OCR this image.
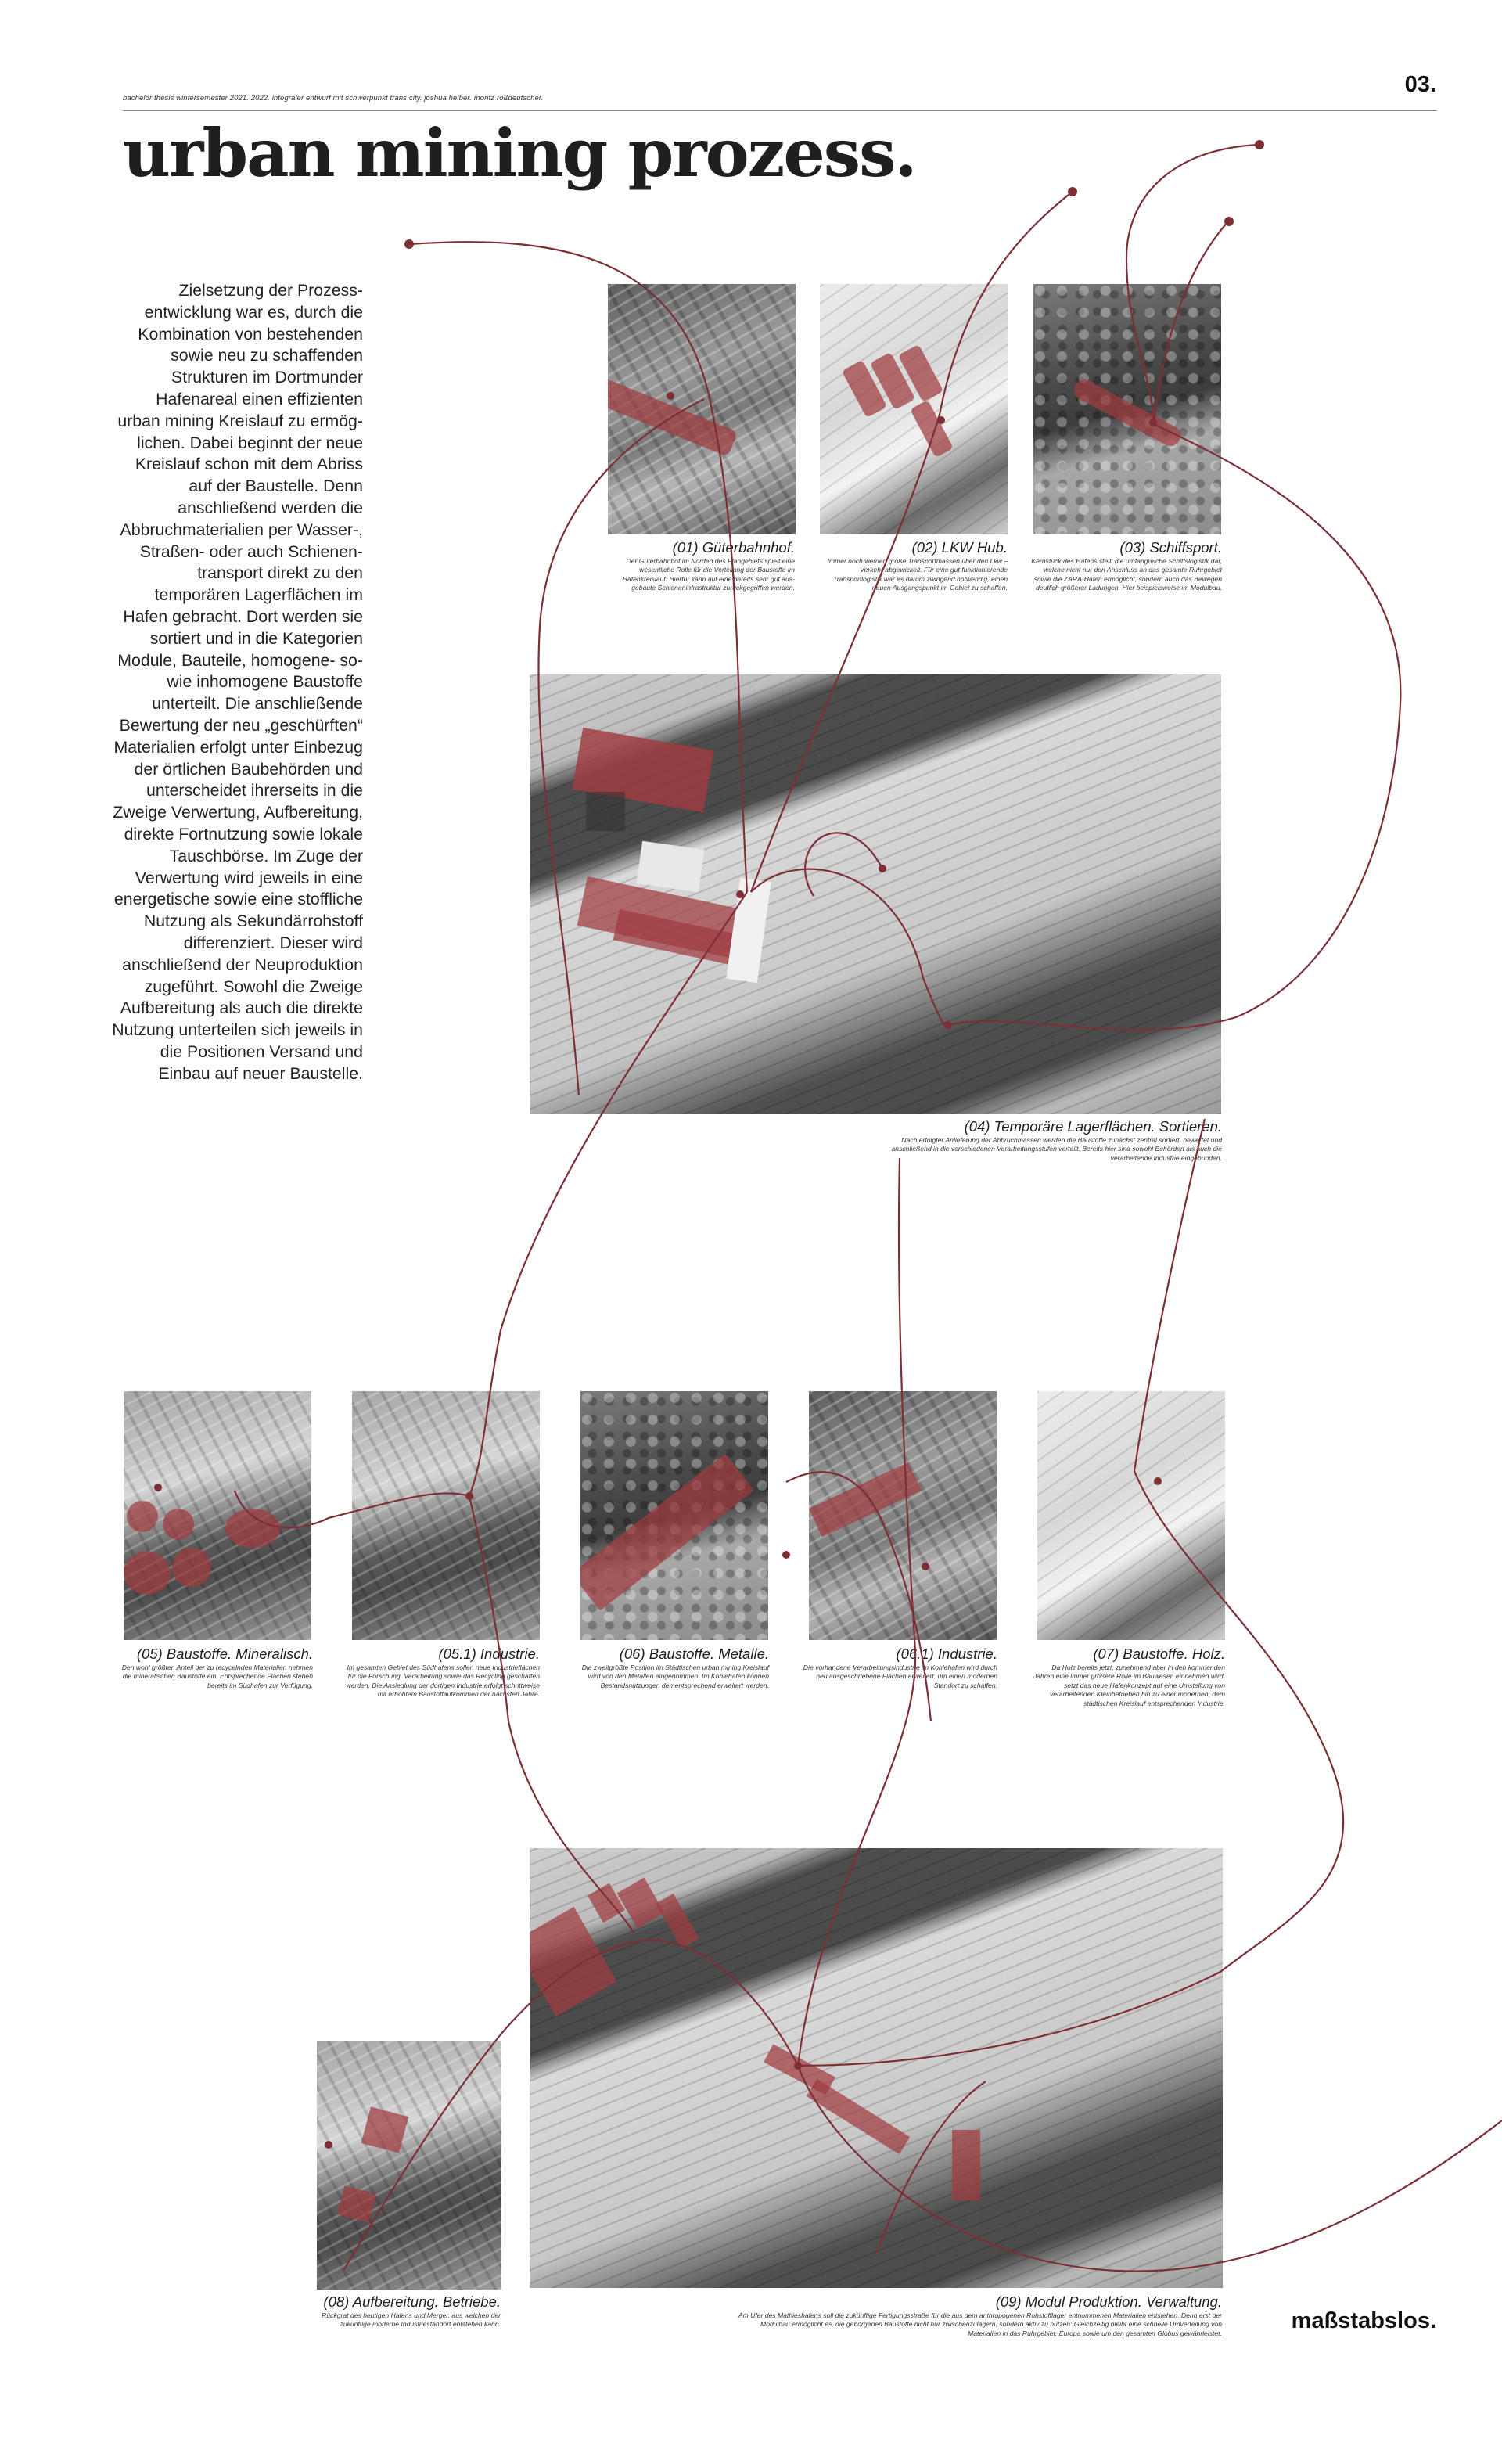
bachelor thesis wintersemester 2021. 2022. integraler entwurf mit schwerpunkt trans city. joshua helber. moritz roßdeutscher.
03.
urban mining prozess.

Zielsetzung der Prozessentwicklung war es, durch die Kombination von bestehenden sowie neu zu schaffenden Strukturen im Dortmunder Hafenareal einen effizienten urban mining Kreislauf zu ermöglichen. Dabei beginnt der neue Kreislauf schon mit dem Abriss auf der Baustelle. Denn anschließend werden die Abbruchmaterialien per Wasser-, Straßen- oder auch Schienentransport direkt zu den temporären Lagerflächen im Hafen gebracht. Dort werden sie sortiert und in die Kategorien Module, Bauteile, homogene- sowie inhomogene Baustoffe unterteilt. Die anschließende Bewertung der neu „geschürften“ Materialien erfolgt unter Einbezug der örtlichen Baubehörden und unterscheidet ihrerseits in die Zweige Verwertung, Aufbereitung, direkte Fortnutzung sowie lokale Tauschbörse. Im Zuge der Verwertung wird jeweils in eine energetische sowie eine stoffliche Nutzung als Sekundärrohstoff differenziert. Dieser wird anschließend der Neuproduktion zugeführt. Sowohl die Zweige Aufbereitung als auch die direkte Nutzung unterteilen sich jeweils in die Positionen Versand und Einbau auf neuer Baustelle.

(01) Güterbahnhof.
Der Güterbahnhof im Norden des Plangebiets spielt eine wesentliche Rolle für die Verteilung der Baustoffe im Hafenkreislauf. Hierfür kann auf eine bereits sehr gut ausgebaute Schieneninfrastruktur zurückgegriffen werden.
(02) LKW Hub.
Immer noch werden große Transportmassen über den Lkw – Verkehr abgewickelt. Für eine gut funktionierende Transportlogistik war es darum zwingend notwendig, einen neuen Ausgangspunkt im Gebiet zu schaffen.
(03) Schiffsport.
Kernstück des Hafens stellt die umfangreiche Schiffslogistik dar, welche nicht nur den Anschluss an das gesamte Ruhrgebiet sowie die ZARA-Häfen ermöglicht, sondern auch das Bewegen deutlich größerer Ladungen. Hier beispielsweise im Modulbau.
(04) Temporäre Lagerflächen. Sortieren.
Nach erfolgter Anlieferung der Abbruchmassen werden die Baustoffe zunächst zentral sortiert, bewertet und anschließend in die verschiedenen Verarbeitungsstufen verteilt. Bereits hier sind sowohl Behörden als auch die verarbeitende Industrie eingebunden.
(05) Baustoffe. Mineralisch.
Den wohl größten Anteil der zu recycelnden Materialien nehmen die mineralischen Baustoffe ein. Entsprechende Flächen stehen bereits im Südhafen zur Verfügung.
(05.1) Industrie.
Im gesamten Gebiet des Südhafens sollen neue Industrieflächen für die Forschung, Verarbeitung sowie das Recycling geschaffen werden. Die Ansiedlung der dortigen Industrie erfolgt schrittweise mit erhöhtem Baustoffaufkommen der nächsten Jahre.
(06) Baustoffe. Metalle.
Die zweitgrößte Position im Städtischen urban mining Kreislauf wird von den Metallen eingenommen. Im Kohlehafen können Bestandsnutzungen dementsprechend erweitert werden.
(06.1) Industrie.
Die vorhandene Verarbeitungsindustrie im Kohlehafen wird durch neu ausgeschriebene Flächen erweitert, um einen modernen Standort zu schaffen.
(07) Baustoffe. Holz.
Da Holz bereits jetzt, zunehmend aber in den kommenden Jahren eine immer größere Rolle im Bauwesen einnehmen wird, setzt das neue Hafenkonzept auf eine Umstellung von verarbeitenden Kleinbetrieben hin zu einer modernen, dem städtischen Kreislauf entsprechenden Industrie.
(08) Aufbereitung. Betriebe.
Rückgrat des heutigen Hafens und Merger, aus welchen der zukünftige moderne Industriestandort entstehen kann.
(09) Modul Produktion. Verwaltung.
Am Ufer des Mathieshafens soll die zukünftige Fertigungsstraße für die aus dem anthropogenen Rohstofflager entnommenen Materialien entstehen. Denn erst der Modulbau ermöglicht es, die geborgenen Baustoffe nicht nur zwischenzulagern, sondern aktiv zu nutzen: Gleichzeitig bleibt eine schnelle Umverteilung von Materialien in das Ruhrgebiet, Europa sowie um den gesamten Globus gewährleistet.	maßstabslos.
